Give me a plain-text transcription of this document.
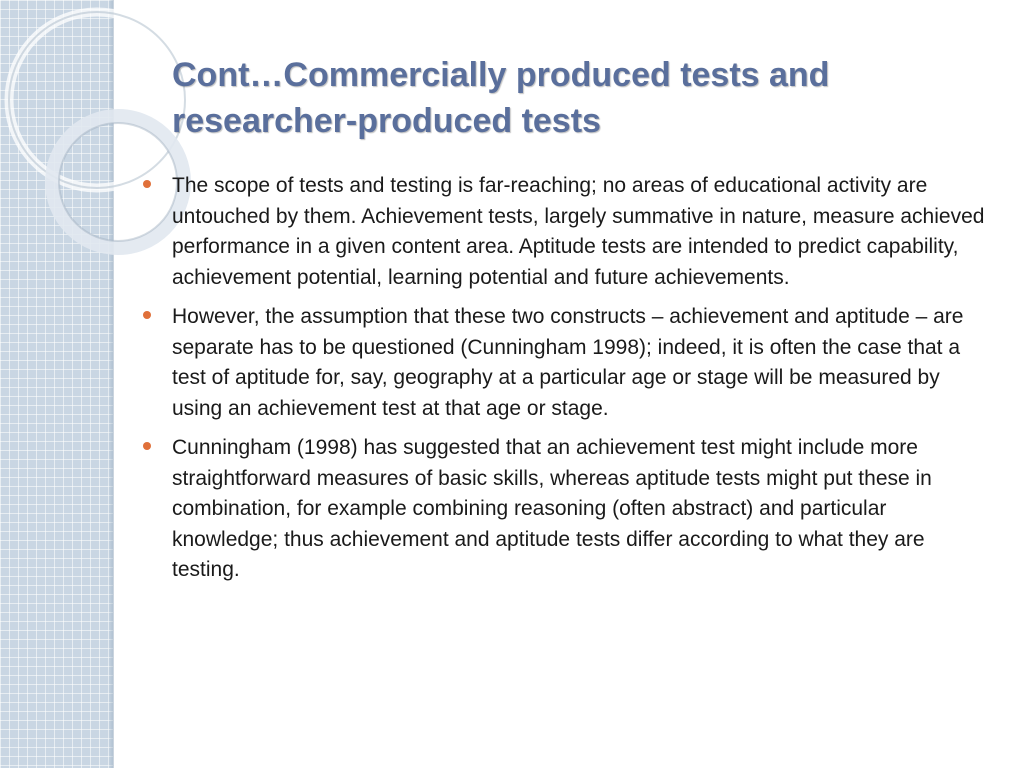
Cont…Commercially produced tests and
researcher-produced tests
The scope of tests and testing is far-reaching; no areas of educational activity are untouched by them. Achievement tests, largely summative in nature, measure achieved performance in a given content area. Aptitude tests are intended to predict capability, achievement potential, learning potential and future achievements.
However, the assumption that these two constructs – achievement and aptitude – are separate has to be questioned (Cunningham 1998); indeed, it is often the case that a test of aptitude for, say, geography at a particular age or stage will be measured by using an achievement test at that age or stage.
Cunningham (1998) has suggested that an achievement test might include more straightforward measures of basic skills, whereas aptitude tests might put these in combination, for example combining reasoning (often abstract) and particular knowledge; thus achievement and aptitude tests differ according to what they are testing.
